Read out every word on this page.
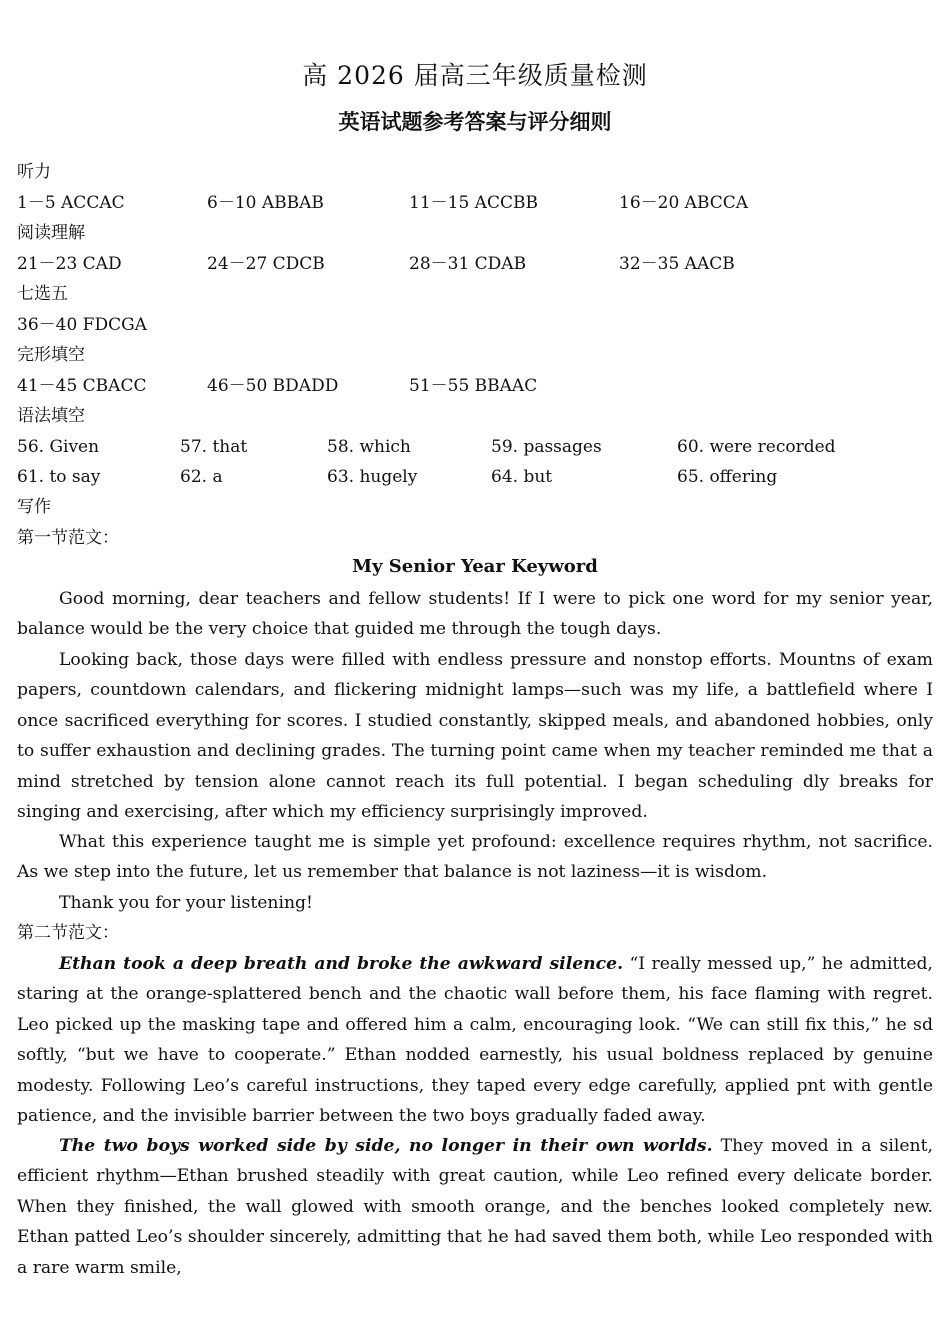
高 2026 届高三年级质量检测
英语试题参考答案与评分细则
听力
1－5 ACCAC	6－10 ABBAB	11－15 ACCBB	16－20 ABCCA
阅读理解
21－23 CAD	24－27 CDCB	28－31 CDAB	32－35 AACB
七选五
36－40 FDCGA
完形填空
41－45 CBACC	46－50 BDADD	51－55 BBAAC
语法填空
56. Given	57. that	58. which	59. passages	60. were recorded
61. to say	62. a	63. hugely	64. but	65. offering
写作
第一节范文：
My Senior Year Keyword

Good morning, dear teachers and fellow students! If I were to pick one word for my senior year, balance would be the very choice that guided me through the tough days.

Looking back, those days were filled with endless pressure and nonstop efforts. Mountns of exam papers, countdown calendars, and flickering midnight lamps—such was my life, a battlefield where I once sacrificed everything for scores. I studied constantly, skipped meals, and abandoned hobbies, only to suffer exhaustion and declining grades. The turning point came when my teacher reminded me that a mind stretched by tension alone cannot reach its full potential. I began scheduling dly breaks for singing and exercising, after which my efficiency surprisingly improved.

What this experience taught me is simple yet profound: excellence requires rhythm, not sacrifice. As we step into the future, let us remember that balance is not laziness—it is wisdom.

Thank you for your listening!

第二节范文：

Ethan took a deep breath and broke the awkward silence. “I really messed up,” he admitted, staring at the orange-splattered bench and the chaotic wall before them, his face flaming with regret. Leo picked up the masking tape and offered him a calm, encouraging look. “We can still fix this,” he sd softly, “but we have to cooperate.” Ethan nodded earnestly, his usual boldness replaced by genuine modesty. Following Leo’s careful instructions, they taped every edge carefully, applied pnt with gentle patience, and the invisible barrier between the two boys gradually faded away.

The two boys worked side by side, no longer in their own worlds. They moved in a silent, efficient rhythm—Ethan brushed steadily with great caution, while Leo refined every delicate border. When they finished, the wall glowed with smooth orange, and the benches looked completely new. Ethan patted Leo’s shoulder sincerely, admitting that he had saved them both, while Leo responded with a rare warm smile,
